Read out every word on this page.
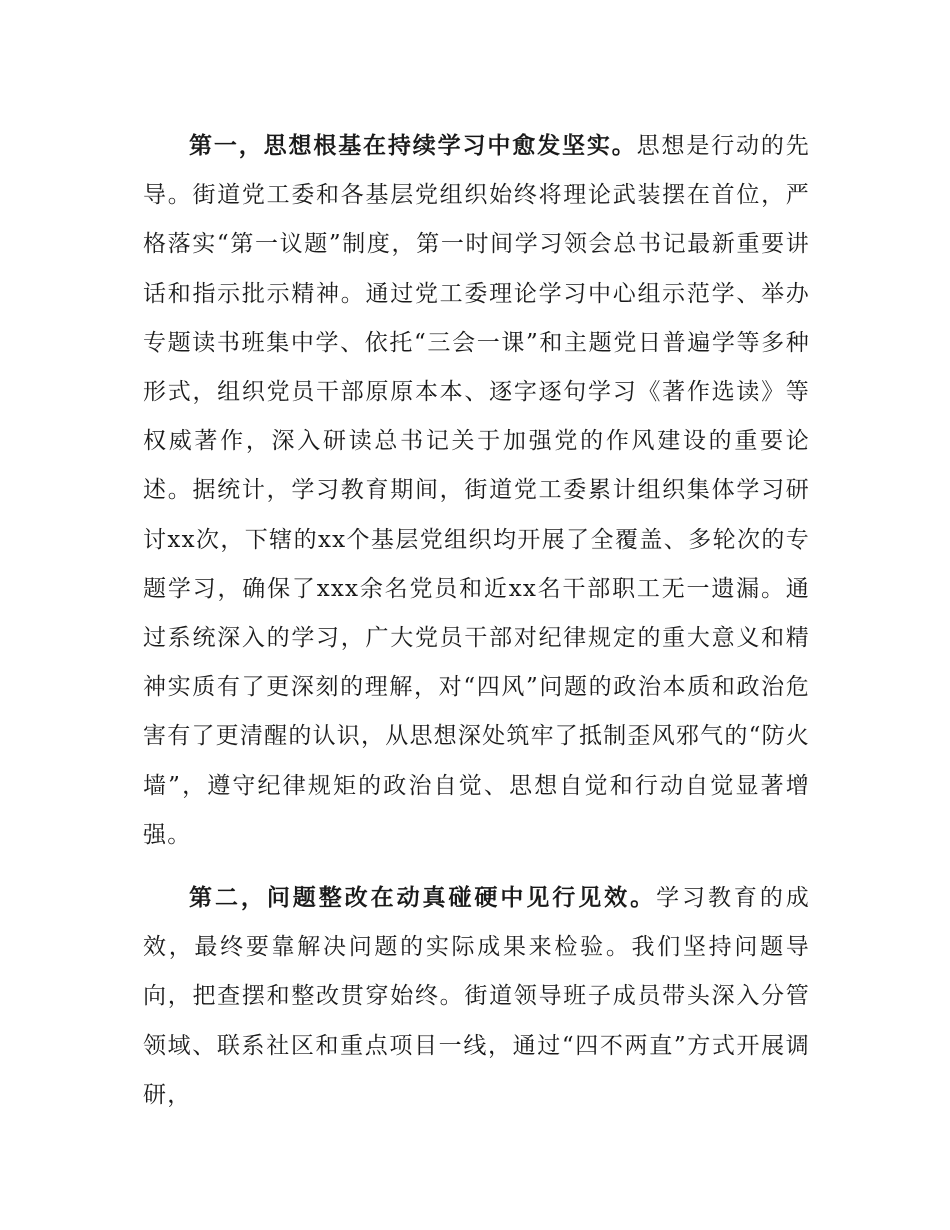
第一，思想根基在持续学习中愈发坚实。思想是行动的先导。街道党工委和各基层党组织始终将理论武装摆在首位，严格落实“第一议题”制度，第一时间学习领会总书记最新重要讲话和指示批示精神。通过党工委理论学习中心组示范学、举办专题读书班集中学、依托“三会一课”和主题党日普遍学等多种形式，组织党员干部原原本本、逐字逐句学习《著作选读》等权威著作，深入研读总书记关于加强党的作风建设的重要论述。据统计，学习教育期间，街道党工委累计组织集体学习研讨xx次，下辖的xx个基层党组织均开展了全覆盖、多轮次的专题学习，确保了xxx余名党员和近xx名干部职工无一遗漏。通过系统深入的学习，广大党员干部对纪律规定的重大意义和精神实质有了更深刻的理解，对“四风”问题的政治本质和政治危害有了更清醒的认识，从思想深处筑牢了抵制歪风邪气的“防火墙”，遵守纪律规矩的政治自觉、思想自觉和行动自觉显著增强。

第二，问题整改在动真碰硬中见行见效。学习教育的成效，最终要靠解决问题的实际成果来检验。我们坚持问题导向，把查摆和整改贯穿始终。街道领导班子成员带头深入分管领域、联系社区和重点项目一线，通过“四不两直”方式开展调研，
